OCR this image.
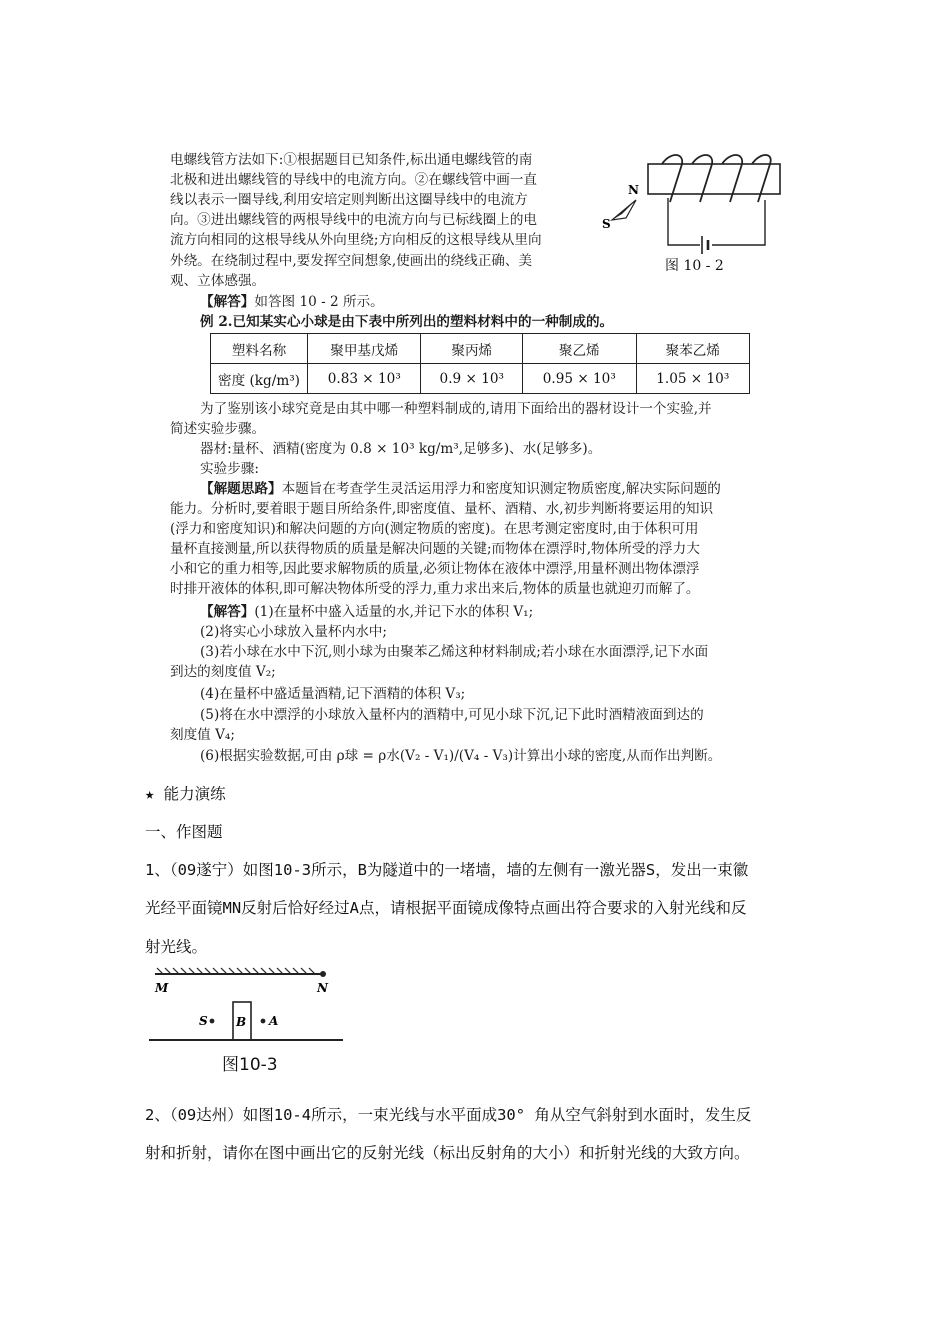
电螺线管方法如下:①根据题目已知条件,标出通电螺线管的南
北极和进出螺线管的导线中的电流方向。②在螺线管中画一直
线以表示一圈导线,利用安培定则判断出这圈导线中的电流方
向。③进出螺线管的两根导线中的电流方向与已标线圈上的电
流方向相同的这根导线从外向里绕;方向相反的这根导线从里向
外绕。在绕制过程中,要发挥空间想象,使画出的绕线正确、美
观、立体感强。
【解答】如答图 10 - 2 所示。
例 2.已知某实心小球是由下表中所列出的塑料材料中的一种制成的。
为了鉴别该小球究竟是由其中哪一种塑料制成的,请用下面给出的器材设计一个实验,并
简述实验步骤。
器材:量杯、酒精(密度为 0.8 × 10³ kg/m³,足够多)、水(足够多)。
实验步骤:
【解题思路】本题旨在考查学生灵活运用浮力和密度知识测定物质密度,解决实际问题的
能力。分析时,要着眼于题目所给条件,即密度值、量杯、酒精、水,初步判断将要运用的知识
(浮力和密度知识)和解决问题的方向(测定物质的密度)。在思考测定密度时,由于体积可用
量杯直接测量,所以获得物质的质量是解决问题的关键;而物体在漂浮时,物体所受的浮力大
小和它的重力相等,因此要求解物质的质量,必须让物体在液体中漂浮,用量杯测出物体漂浮
时排开液体的体积,即可解决物体所受的浮力,重力求出来后,物体的质量也就迎刃而解了。
【解答】(1)在量杯中盛入适量的水,并记下水的体积 V₁;
(2)将实心小球放入量杯内水中;
(3)若小球在水中下沉,则小球为由聚苯乙烯这种材料制成;若小球在水面漂浮,记下水面
到达的刻度值 V₂;
(4)在量杯中盛适量酒精,记下酒精的体积 V₃;
(5)将在水中漂浮的小球放入量杯内的酒精中,可见小球下沉,记下此时酒精液面到达的
刻度值 V₄;
(6)根据实验数据,可由 ρ球 = ρ水(V₂ - V₁)/(V₄ - V₃)计算出小球的密度,从而作出判断。
N
S
图 10 - 2
塑料名称	聚甲基戊烯	聚丙烯	聚乙烯	聚苯乙烯
密度 (kg/m³)	0.83 × 10³	0.9 × 10³	0.95 × 10³	1.05 × 10³
★ 能力演练
一、作图题
1、（09遂宁）如图10-3所示，B为隧道中的一堵墙，墙的左侧有一激光器S，发出一束徽
光经平面镜MN反射后恰好经过A点，请根据平面镜成像特点画出符合要求的入射光线和反
射光线。
M	N
B
S	A
图10-3
2、（09达州）如图10-4所示，一束光线与水平面成30° 角从空气斜射到水面时，发生反
射和折射，请你在图中画出它的反射光线（标出反射角的大小）和折射光线的大致方向。
